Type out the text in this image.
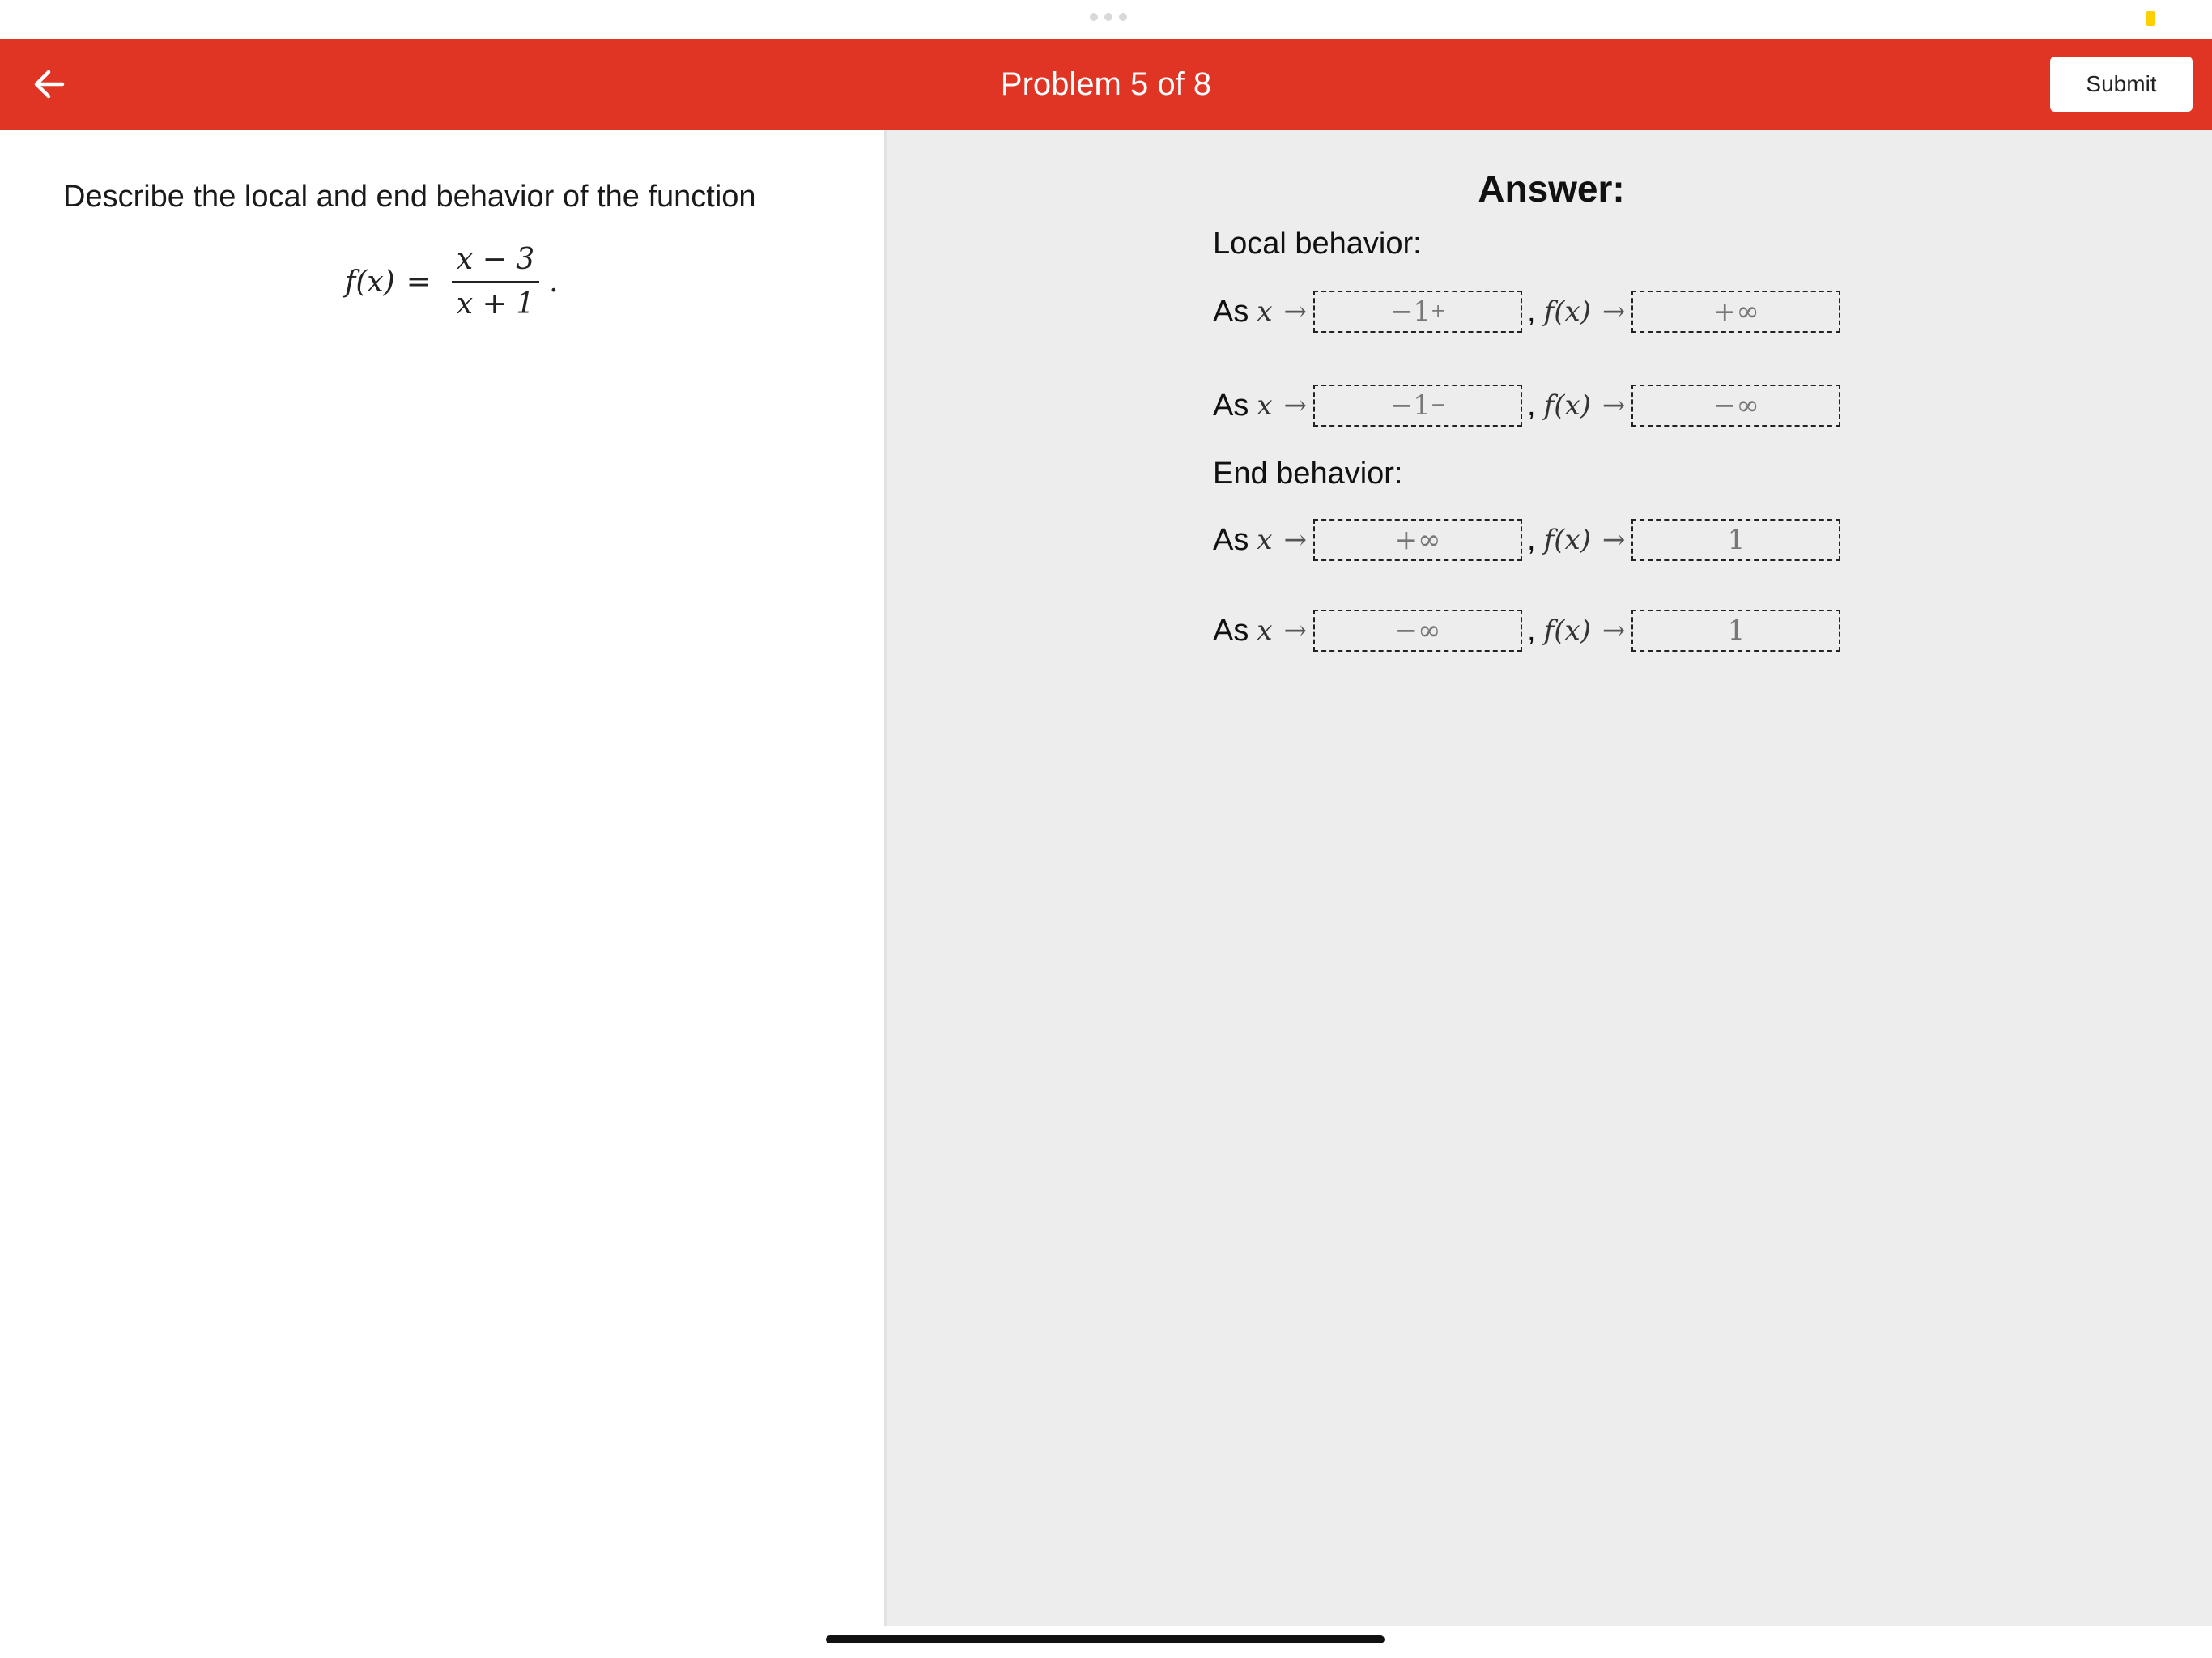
Problem 5 of 8	Submit
Describe the local and end behavior of the function
$f(x) = \frac{x - 3}{x + 1}$ .
Answer:
Local behavior:
As x →	−1 +	, f(x) →	+∞
As x →	−1 −	, f(x) →	−∞
End behavior:
As x →	+∞	, f(x) →	1
As x →	−∞	, f(x) →	1
